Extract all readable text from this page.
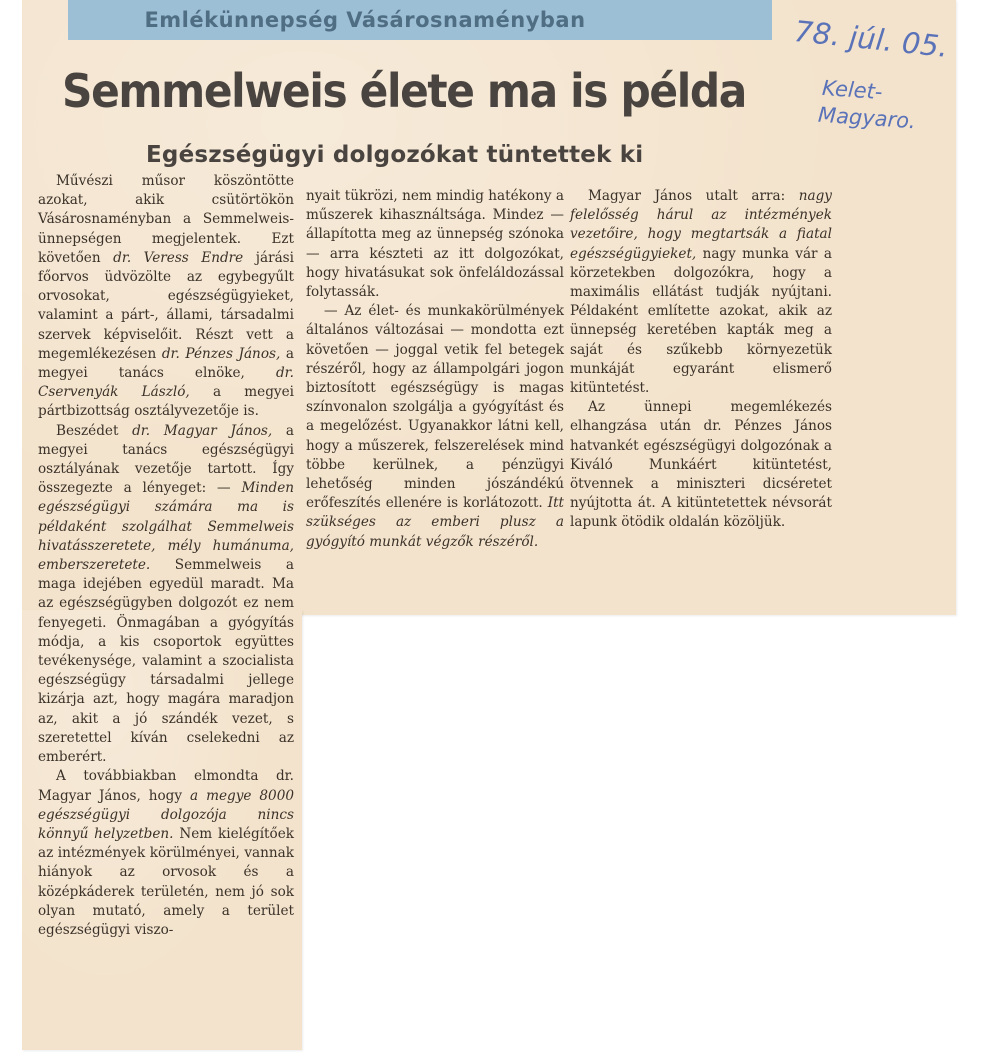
Emlékünnepség Vásárosnaményban
Semmelweis élete ma is példa
Egészségügyi dolgozókat tüntettek ki
78. júl. 05.
Kelet-
Magyaro.

Művészi műsor köszöntötte azokat, akik csütörtökön Vásárosnaményban a Semmelweis-ünnepségen megjelentek. Ezt követően dr. Veress Endre járási főorvos üdvözölte az egybegyűlt orvosokat, egészségügyieket, valamint a párt-, állami, társadalmi szervek képviselőit. Részt vett a megemlékezésen dr. Pénzes János, a megyei tanács elnöke, dr. Cservenyák László, a megyei pártbizottság osztályvezetője is.

Beszédet dr. Magyar János, a megyei tanács egészségügyi osztályának vezetője tartott. Így összegezte a lényeget: — Minden egészségügyi számára ma is példaként szolgálhat Semmelweis hivatásszeretete, mély humánuma, emberszeretete. Semmelweis a maga idejében egyedül maradt. Ma az egészségügyben dolgozót ez nem fenyegeti. Önmagában a gyógyítás módja, a kis csoportok együttes tevékenysége, valamint a szocialista egészségügy társadalmi jellege kizárja azt, hogy magára maradjon az, akit a jó szándék vezet, s szeretettel kíván cselekedni az emberért.

A továbbiakban elmondta dr. Magyar János, hogy a megye 8000 egészségügyi dolgozója nincs könnyű helyzetben. Nem kielégítőek az intézmények körülményei, vannak hiányok az orvosok és a középkáderek területén, nem jó sok olyan mutató, amely a terület egészségügyi viszo-

nyait tükrözi, nem mindig hatékony a műszerek kihasználtsága. Mindez — állapította meg az ünnepség szónoka — arra készteti az itt dolgozókat, hogy hivatásukat sok önfeláldozással folytassák.

— Az élet- és munkakörülmények általános változásai — mondotta ezt követően — joggal vetik fel betegek részéről, hogy az állampolgári jogon biztosított egészségügy is magas színvonalon szolgálja a gyógyítást és a megelőzést. Ugyanakkor látni kell, hogy a műszerek, felszerelések mind többe kerülnek, a pénzügyi lehetőség minden jószándékú erőfeszítés ellenére is korlátozott. Itt szükséges az emberi plusz a gyógyító munkát végzők részéről.

Magyar János utalt arra: nagy felelősség hárul az intézmények vezetőire, hogy megtartsák a fiatal egészségügyieket, nagy munka vár a körzetekben dolgozókra, hogy a maximális ellátást tudják nyújtani. Példaként említette azokat, akik az ünnepség keretében kapták meg a saját és szűkebb környezetük munkáját egyaránt elismerő kitüntetést.

Az ünnepi megemlékezés elhangzása után dr. Pénzes János hatvankét egészségügyi dolgozónak a Kiváló Munkáért kitüntetést, ötvennek a miniszteri dicséretet nyújtotta át. A kitüntetettek névsorát lapunk ötödik oldalán közöljük.
